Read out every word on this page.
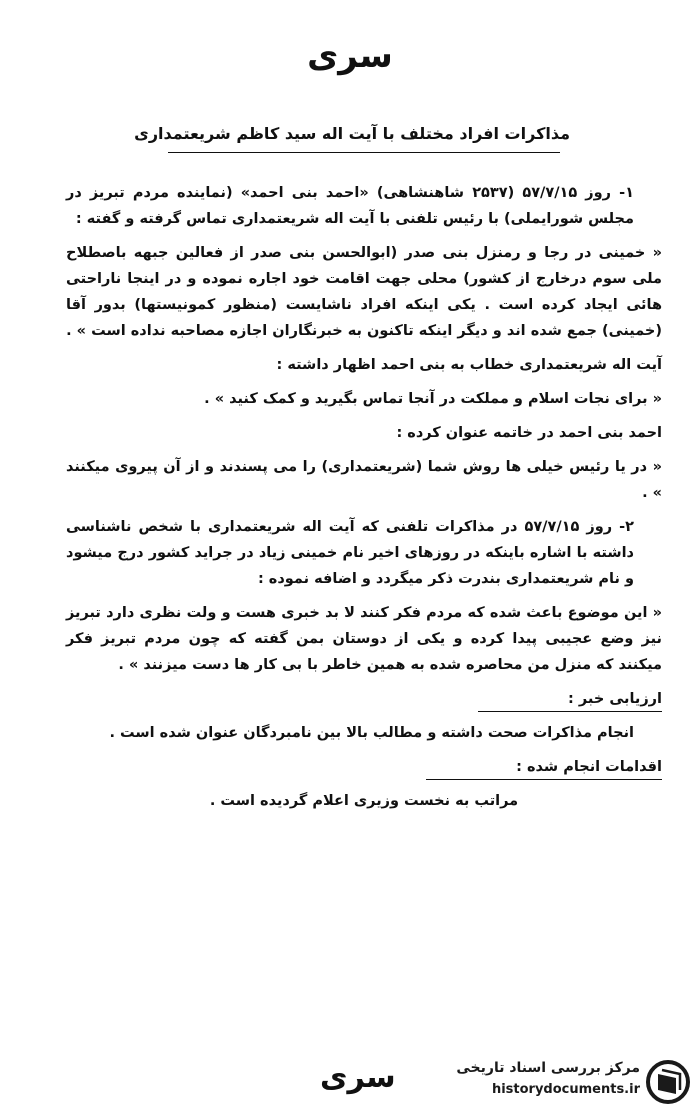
سری
مذاکرات افراد مختلف با آیت اله سید کاظم شریعتمداری

۱- روز ۵۷/۷/۱۵ (۲۵۳۷ شاهنشاهی) «احمد بنی احمد» (نماینده مردم تبریز در مجلس شورایملی) با رئیس تلفنی با آیت اله شریعتمداری تماس گرفته و گفته :

« خمینی در رجا و رمنزل بنی صدر (ابوالحسن بنی صدر از فعالین جبهه باصطلاح ملی سوم درخارج از کشور) محلی جهت اقامت خود اجاره نموده و در اینجا ناراحتی هائی ایجاد کرده است . یکی اینکه افراد ناشایست (منظور کمونیستها) بدور آقا (خمینی) جمع شده اند و دیگر اینکه تاکنون به خبرنگاران اجازه مصاحبه نداده است » .

آیت اله شریعتمداری خطاب به بنی احمد اظهار داشته :

« برای نجات اسلام و مملکت در آنجا تماس بگیرید و کمک کنید » .

احمد بنی احمد در خاتمه عنوان کرده :

« در یا رئیس خیلی ها روش شما (شریعتمداری) را می پسندند و از آن پیروی میکنند » .

۲- روز ۵۷/۷/۱۵ در مذاکرات تلفنی که آیت اله شریعتمداری با شخص ناشناسی داشته با اشاره باینکه در روزهای اخیر نام خمینی زیاد در جراید کشور درج میشود و نام شریعتمداری بندرت ذکر میگردد و اضافه نموده :

« این موضوع باعث شده که مردم فکر کنند لا بد خبری هست و ولت نظری دارد تبریز نیز وضع عجیبی پیدا کرده و یکی از دوستان بمن گفته که چون مردم تبریز فکر میکنند که منزل من محاصره شده به همین خاطر با بی کار ها دست میزنند » .

ارزیابی خبر :

انجام مذاکرات صحت داشته و مطالب بالا بین نامبردگان عنوان شده است .

اقدامات انجام شده :

مراتب به نخست وزیری اعلام گردیده است .

سری	مرکز بررسی اسناد تاریخی
historydocuments.ir
